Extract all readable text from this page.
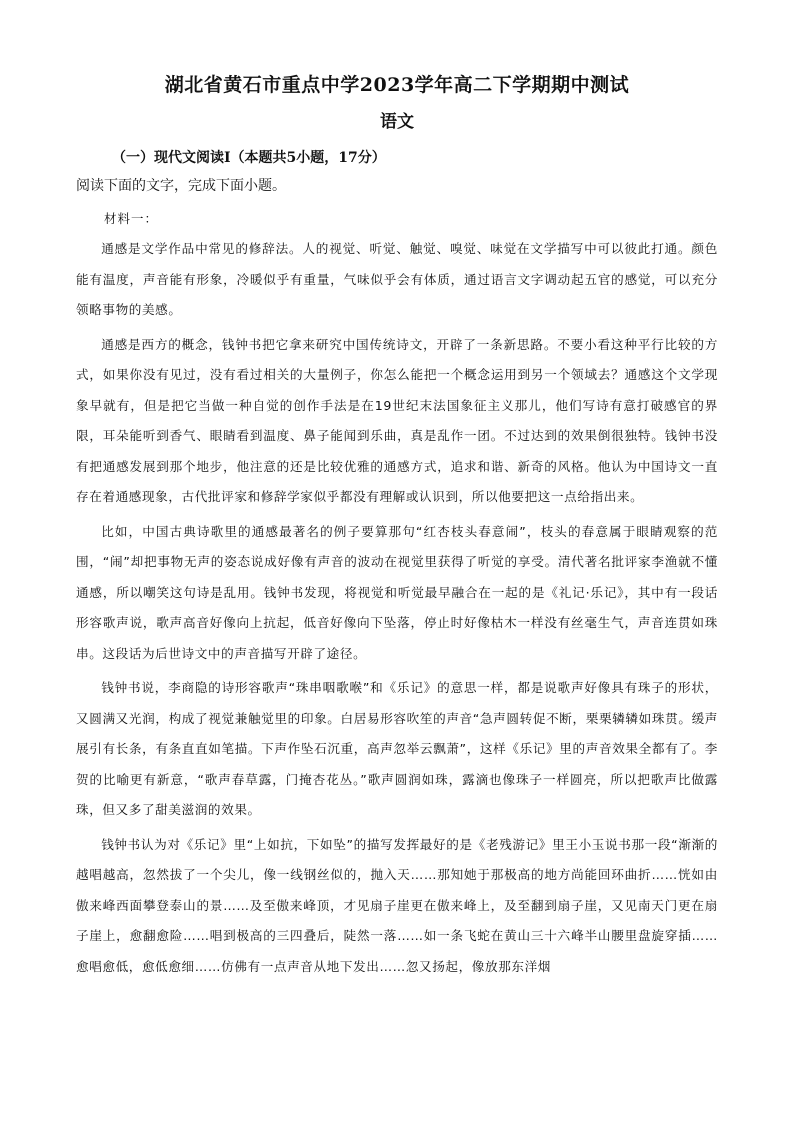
湖北省黄石市重点中学2023学年高二下学期期中测试
语文
（一）现代文阅读Ⅰ（本题共5小题，17分）
阅读下面的文字，完成下面小题。
材料一：

通感是文学作品中常见的修辞法。人的视觉、听觉、触觉、嗅觉、味觉在文学描写中可以彼此打通。颜色能有温度，声音能有形象，冷暖似乎有重量，气味似乎会有体质，通过语言文字调动起五官的感觉，可以充分领略事物的美感。

通感是西方的概念，钱钟书把它拿来研究中国传统诗文，开辟了一条新思路。不要小看这种平行比较的方式，如果你没有见过，没有看过相关的大量例子，你怎么能把一个概念运用到另一个领域去？通感这个文学现象早就有，但是把它当做一种自觉的创作手法是在19世纪末法国象征主义那儿，他们写诗有意打破感官的界限，耳朵能听到香气、眼睛看到温度、鼻子能闻到乐曲，真是乱作一团。不过达到的效果倒很独特。钱钟书没有把通感发展到那个地步，他注意的还是比较优雅的通感方式，追求和谐、新奇的风格。他认为中国诗文一直存在着通感现象，古代批评家和修辞学家似乎都没有理解或认识到，所以他要把这一点给指出来。

比如，中国古典诗歌里的通感最著名的例子要算那句“红杏枝头春意闹”，枝头的春意属于眼睛观察的范围，“闹”却把事物无声的姿态说成好像有声音的波动在视觉里获得了听觉的享受。清代著名批评家李渔就不懂通感，所以嘲笑这句诗是乱用。钱钟书发现，将视觉和听觉最早融合在一起的是《礼记·乐记》，其中有一段话形容歌声说，歌声高音好像向上抗起，低音好像向下坠落，停止时好像枯木一样没有丝毫生气，声音连贯如珠串。这段话为后世诗文中的声音描写开辟了途径。

钱钟书说，李商隐的诗形容歌声“珠串咽歌喉”和《乐记》的意思一样，都是说歌声好像具有珠子的形状，又圆满又光润，构成了视觉兼触觉里的印象。白居易形容吹笙的声音“急声圆转促不断，栗栗辚辚如珠贯。缓声展引有长条，有条直直如笔描。下声作坠石沉重，高声忽举云飘萧”，这样《乐记》里的声音效果全都有了。李贺的比喻更有新意，“歌声春草露，门掩杏花丛。”歌声圆润如珠，露滴也像珠子一样圆亮，所以把歌声比做露珠，但又多了甜美滋润的效果。

钱钟书认为对《乐记》里“上如抗，下如坠”的描写发挥最好的是《老残游记》里王小玉说书那一段“渐渐的越唱越高，忽然拔了一个尖儿，像一线钢丝似的，抛入天……那知她于那极高的地方尚能回环曲折……恍如由傲来峰西面攀登泰山的景……及至傲来峰顶，才见扇子崖更在傲来峰上，及至翻到扇子崖，又见南天门更在扇子崖上，愈翻愈险……唱到极高的三四叠后，陡然一落……如一条飞蛇在黄山三十六峰半山腰里盘旋穿插……愈唱愈低，愈低愈细……仿佛有一点声音从地下发出……忽又扬起，像放那东洋烟
